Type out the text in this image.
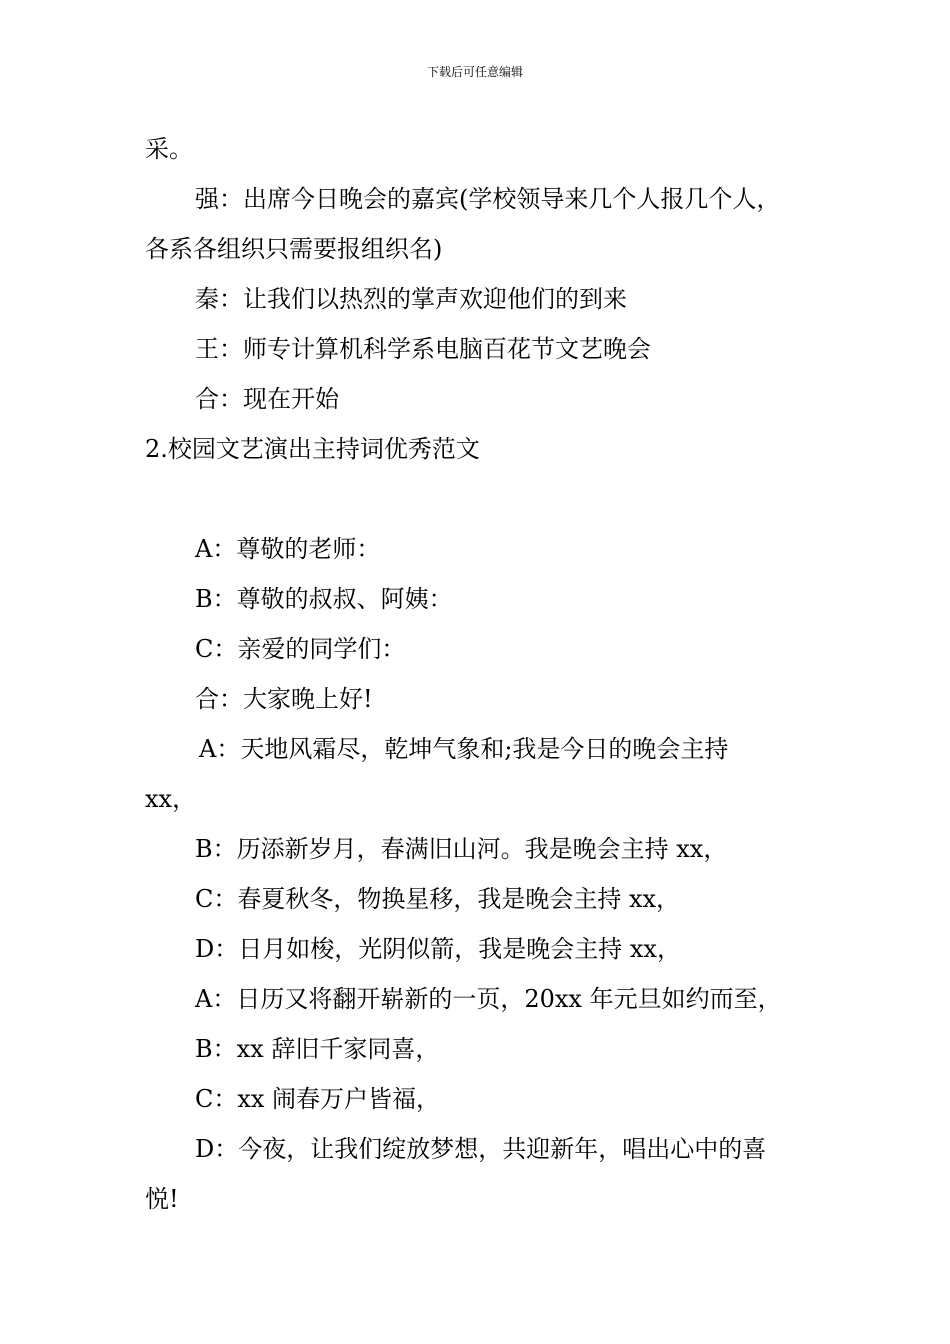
下载后可任意编辑
采。
强：出席今日晚会的嘉宾(学校领导来几个人报几个人，
各系各组织只需要报组织名)
秦：让我们以热烈的掌声欢迎他们的到来
王：师专计算机科学系电脑百花节文艺晚会
合：现在开始
2.校园文艺演出主持词优秀范文
A：尊敬的老师：
B：尊敬的叔叔、阿姨：
C：亲爱的同学们：
合：大家晚上好!
A：天地风霜尽，乾坤气象和;我是今日的晚会主持
xx，
B：历添新岁月，春满旧山河。我是晚会主持 xx，
C：春夏秋冬，物换星移，我是晚会主持 xx，
D：日月如梭，光阴似箭，我是晚会主持 xx，
A：日历又将翻开崭新的一页，20xx 年元旦如约而至，
B：xx 辞旧千家同喜，
C：xx 闹春万户皆福，
D：今夜，让我们绽放梦想，共迎新年，唱出心中的喜
悦!
